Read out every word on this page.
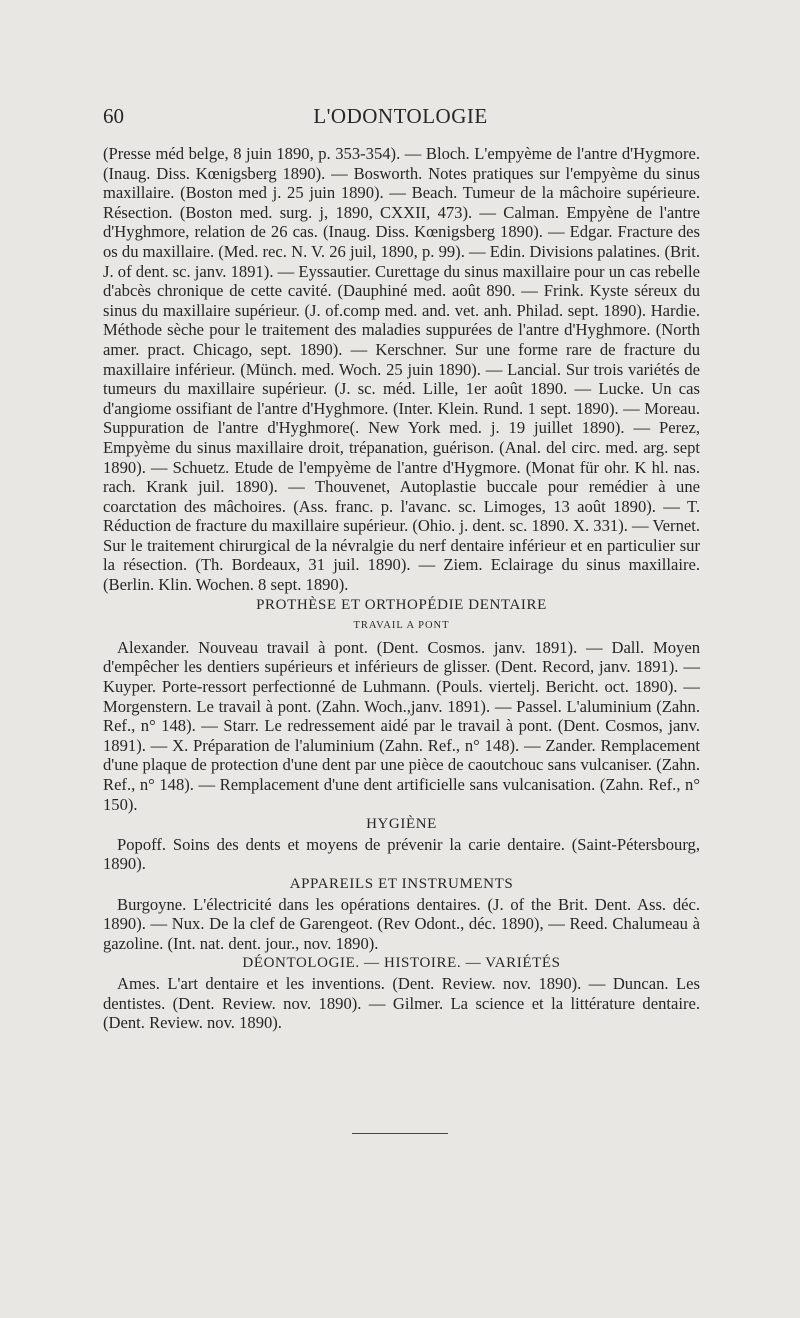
60	L'ODONTOLOGIE

(Presse méd belge, 8 juin 1890, p. 353-354). — Bloch. L'empyème de l'antre d'Hygmore. (Inaug. Diss. Kœnigsberg 1890). — Bosworth. Notes pratiques sur l'empyème du sinus maxillaire. (Boston med j. 25 juin 1890). — Beach. Tumeur de la mâchoire supérieure. Résection. (Boston med. surg. j, 1890, CXXII, 473). — Calman. Empyène de l'antre d'Hyghmore, relation de 26 cas. (Inaug. Diss. Kœnigsberg 1890). — Edgar. Fracture des os du maxillaire. (Med. rec. N. V. 26 juil, 1890, p. 99). — Edin. Divisions palatines. (Brit. J. of dent. sc. janv. 1891). — Eyssautier. Curettage du sinus maxillaire pour un cas rebelle d'abcès chronique de cette cavité. (Dauphiné med. août 890. — Frink. Kyste séreux du sinus du maxillaire supérieur. (J. of.comp med. and. vet. anh. Philad. sept. 1890). Hardie. Méthode sèche pour le traitement des maladies suppurées de l'antre d'Hyghmore. (North amer. pract. Chicago, sept. 1890). — Kerschner. Sur une forme rare de fracture du maxillaire inférieur. (Münch. med. Woch. 25 juin 1890). — Lancial. Sur trois variétés de tumeurs du maxillaire supérieur. (J. sc. méd. Lille, 1er août 1890. — Lucke. Un cas d'angiome ossifiant de l'antre d'Hyghmore. (Inter. Klein. Rund. 1 sept. 1890). — Moreau. Suppuration de l'antre d'Hyghmore(. New York med. j. 19 juillet 1890). — Perez, Empyème du sinus maxillaire droit, trépanation, guérison. (Anal. del circ. med. arg. sept 1890). — Schuetz. Etude de l'empyème de l'antre d'Hygmore. (Monat für ohr. K hl. nas. rach. Krank juil. 1890). — Thouvenet, Autoplastie buccale pour remédier à une coarctation des mâchoires. (Ass. franc. p. l'avanc. sc. Limoges, 13 août 1890). — T. Réduction de fracture du maxillaire supérieur. (Ohio. j. dent. sc. 1890. X. 331). — Vernet. Sur le traitement chirurgical de la névralgie du nerf dentaire inférieur et en particulier sur la résection. (Th. Bordeaux, 31 juil. 1890). — Ziem. Eclairage du sinus maxillaire. (Berlin. Klin. Wochen. 8 sept. 1890).

PROTHÈSE ET ORTHOPÉDIE DENTAIRE
TRAVAIL A PONT

Alexander. Nouveau travail à pont. (Dent. Cosmos. janv. 1891). — Dall. Moyen d'empêcher les dentiers supérieurs et inférieurs de glisser. (Dent. Record, janv. 1891). — Kuyper. Porte-ressort perfectionné de Luhmann. (Pouls. viertelj. Bericht. oct. 1890). — Morgenstern. Le travail à pont. (Zahn. Woch.,janv. 1891). — Passel. L'aluminium (Zahn. Ref., n° 148). — Starr. Le redressement aidé par le travail à pont. (Dent. Cosmos, janv. 1891). — X. Préparation de l'aluminium (Zahn. Ref., n° 148). — Zander. Remplacement d'une plaque de protection d'une dent par une pièce de caoutchouc sans vulcaniser. (Zahn. Ref., n° 148). — Remplacement d'une dent artificielle sans vulcanisation. (Zahn. Ref., n° 150).

HYGIÈNE

Popoff. Soins des dents et moyens de prévenir la carie dentaire. (Saint-Pétersbourg, 1890).

APPAREILS ET INSTRUMENTS

Burgoyne. L'électricité dans les opérations dentaires. (J. of the Brit. Dent. Ass. déc. 1890). — Nux. De la clef de Garengeot. (Rev Odont., déc. 1890), — Reed. Chalumeau à gazoline. (Int. nat. dent. jour., nov. 1890).

DÉONTOLOGIE. — HISTOIRE. — VARIÉTÉS

Ames. L'art dentaire et les inventions. (Dent. Review. nov. 1890). — Duncan. Les dentistes. (Dent. Review. nov. 1890). — Gilmer. La science et la littérature dentaire. (Dent. Review. nov. 1890).
